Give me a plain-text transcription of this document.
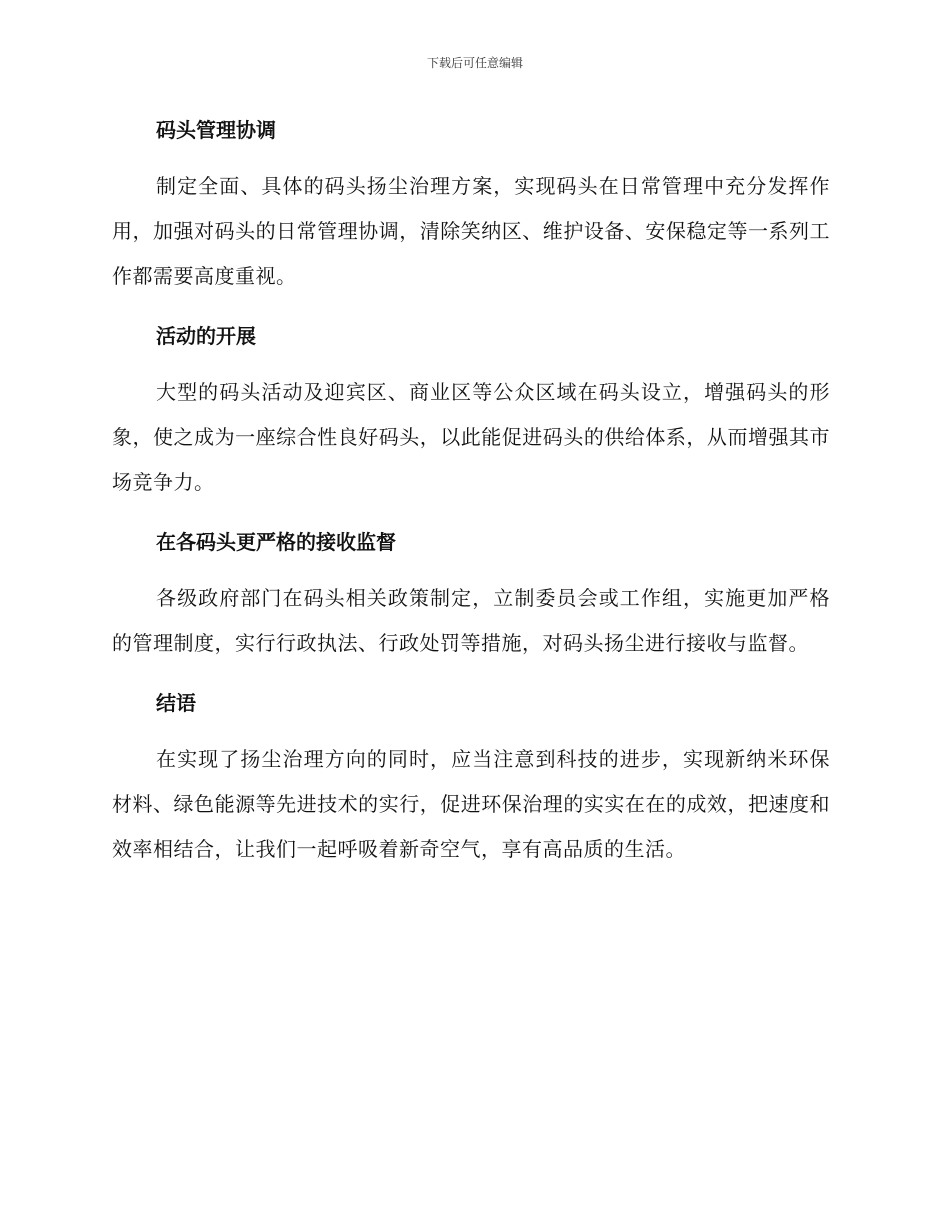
下载后可任意编辑
码头管理协调

制定全面、具体的码头扬尘治理方案，实现码头在日常管理中充分发挥作用，加强对码头的日常管理协调，清除笑纳区、维护设备、安保稳定等一系列工作都需要高度重视。

活动的开展

大型的码头活动及迎宾区、商业区等公众区域在码头设立，增强码头的形象，使之成为一座综合性良好码头，以此能促进码头的供给体系，从而增强其市场竞争力。

在各码头更严格的接收监督

各级政府部门在码头相关政策制定，立制委员会或工作组，实施更加严格的管理制度，实行行政执法、行政处罚等措施，对码头扬尘进行接收与监督。

结语

在实现了扬尘治理方向的同时，应当注意到科技的进步，实现新纳米环保材料、绿色能源等先进技术的实行，促进环保治理的实实在在的成效，把速度和效率相结合，让我们一起呼吸着新奇空气，享有高品质的生活。
